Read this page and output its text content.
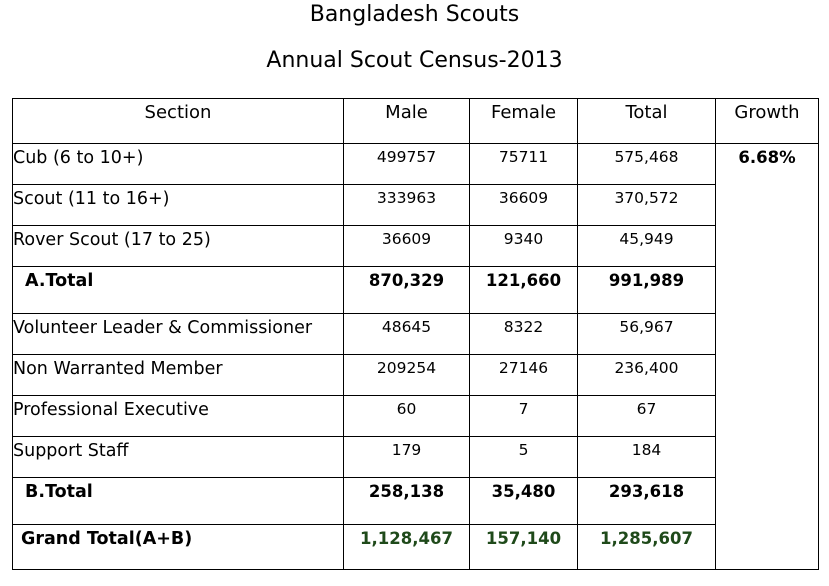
Bangladesh Scouts
Annual Scout Census-2013
Section	Male	Female	Total	Growth
Cub (6 to 10+)	499757	75711	575,468	6.68%
Scout (11 to 16+)	333963	36609	370,572	
Rover Scout (17 to 25)	36609	9340	45,949	
A.Total	870,329	121,660	991,989	
Volunteer Leader & Commissioner	48645	8322	56,967	
Non Warranted Member	209254	27146	236,400	
Professional Executive	60	7	67	
Support Staff	179	5	184	
B.Total	258,138	35,480	293,618	
Grand Total(A+B)	1,128,467	157,140	1,285,607	
